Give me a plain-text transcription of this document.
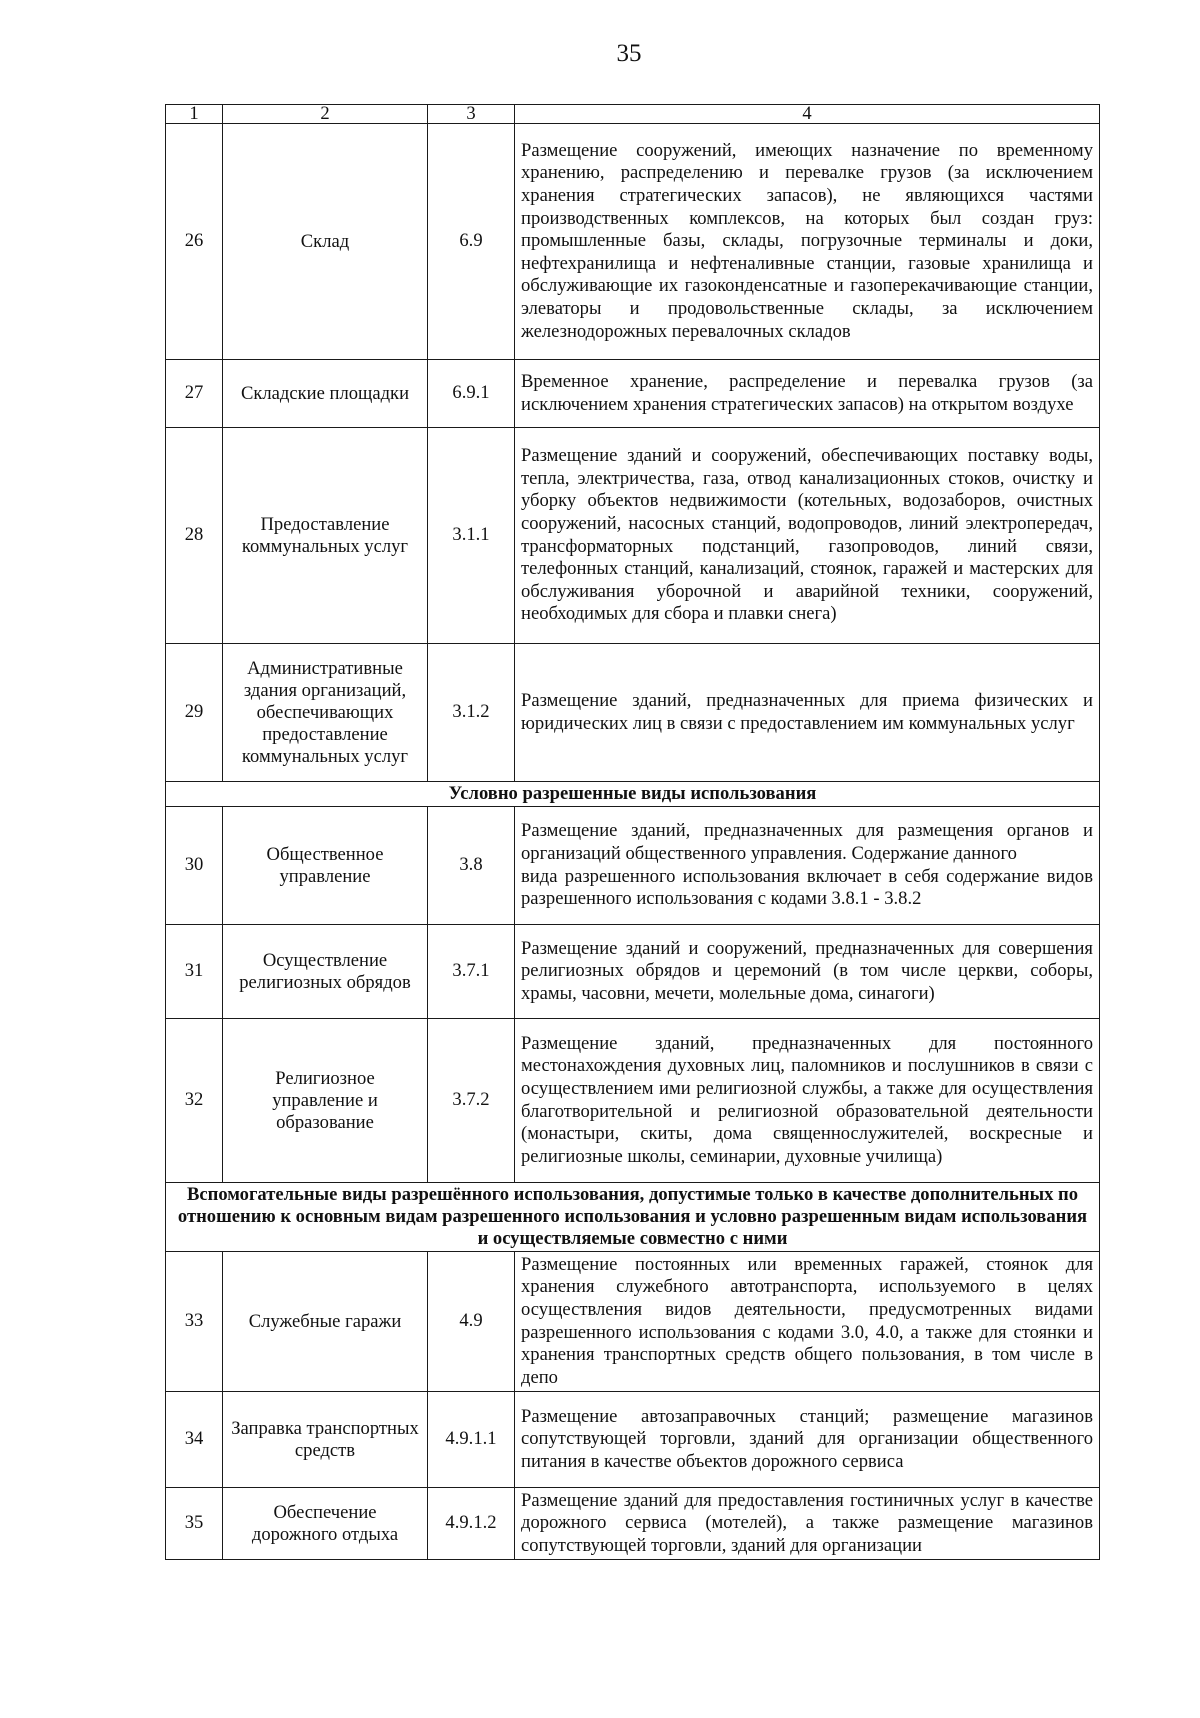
35
1	2	3	4
26	Склад	6.9	Размещение сооружений, имеющих назначение по временному хранению, распределению и перевалке грузов (за исключением хранения стратегических запасов), не являющихся частями производственных комплексов, на которых был создан груз: промышленные базы, склады, погрузочные терминалы и доки, нефтехранилища и нефтеналивные станции, газовые хранилища и обслуживающие их газоконденсатные и газоперекачивающие станции, элеваторы и продовольственные склады, за исключением железнодорожных перевалочных складов
27	Складские площадки	6.9.1	Временное хранение, распределение и перевалка грузов (за исключением хранения стратегических запасов) на открытом воздухе
28	Предоставление коммунальных услуг	3.1.1	Размещение зданий и сооружений, обеспечивающих поставку воды, тепла, электричества, газа, отвод канализационных стоков, очистку и уборку объектов недвижимости (котельных, водозаборов, очистных сооружений, насосных станций, водопроводов, линий электропередач, трансформаторных подстанций, газопроводов, линий связи, телефонных станций, канализаций, стоянок, гаражей и мастерских для обслуживания уборочной и аварийной техники, сооружений, необходимых для сбора и плавки снега)
29	Административные здания организаций, обеспечивающих предоставление коммунальных услуг	3.1.2	Размещение зданий, предназначенных для приема физических и юридических лиц в связи с предоставлением им коммунальных услуг
Условно разрешенные виды использования			
30	Общественное управление	3.8	Размещение зданий, предназначенных для размещения органов и организаций общественного управления. Содержание данного
вида разрешенного использования включает в себя содержание видов разрешенного использования с кодами 3.8.1 - 3.8.2

31	Осуществление религиозных обрядов	3.7.1	Размещение зданий и сооружений, предназначенных для совершения религиозных обрядов и церемоний (в том числе церкви, соборы, храмы, часовни, мечети, молельные дома, синагоги)
32	Религиозное управление и образование	3.7.2	Размещение зданий, предназначенных для постоянного местонахождения духовных лиц, паломников и послушников в связи с осуществлением ими религиозной службы, а также для осуществления благотворительной и религиозной образовательной деятельности (монастыри, скиты, дома священнослужителей, воскресные и религиозные школы, семинарии, духовные училища)
Вспомогательные виды разрешённого использования, допустимые только в качестве дополнительных по отношению к основным видам разрешенного использования и условно разрешенным видам использования и осуществляемые совместно с ними			
33	Служебные гаражи	4.9	Размещение постоянных или временных гаражей, стоянок для хранения служебного автотранспорта, используемого в целях осуществления видов деятельности, предусмотренных видами разрешенного использования с кодами 3.0, 4.0, а также для стоянки и хранения транспортных средств общего пользования, в том числе в депо
34	Заправка транспортных средств	4.9.1.1	Размещение автозаправочных станций; размещение магазинов сопутствующей торговли, зданий для организации общественного питания в качестве объектов дорожного сервиса
35	Обеспечение дорожного отдыха	4.9.1.2	Размещение зданий для предоставления гостиничных услуг в качестве дорожного сервиса (мотелей), а также размещение магазинов сопутствующей торговли, зданий для организации
